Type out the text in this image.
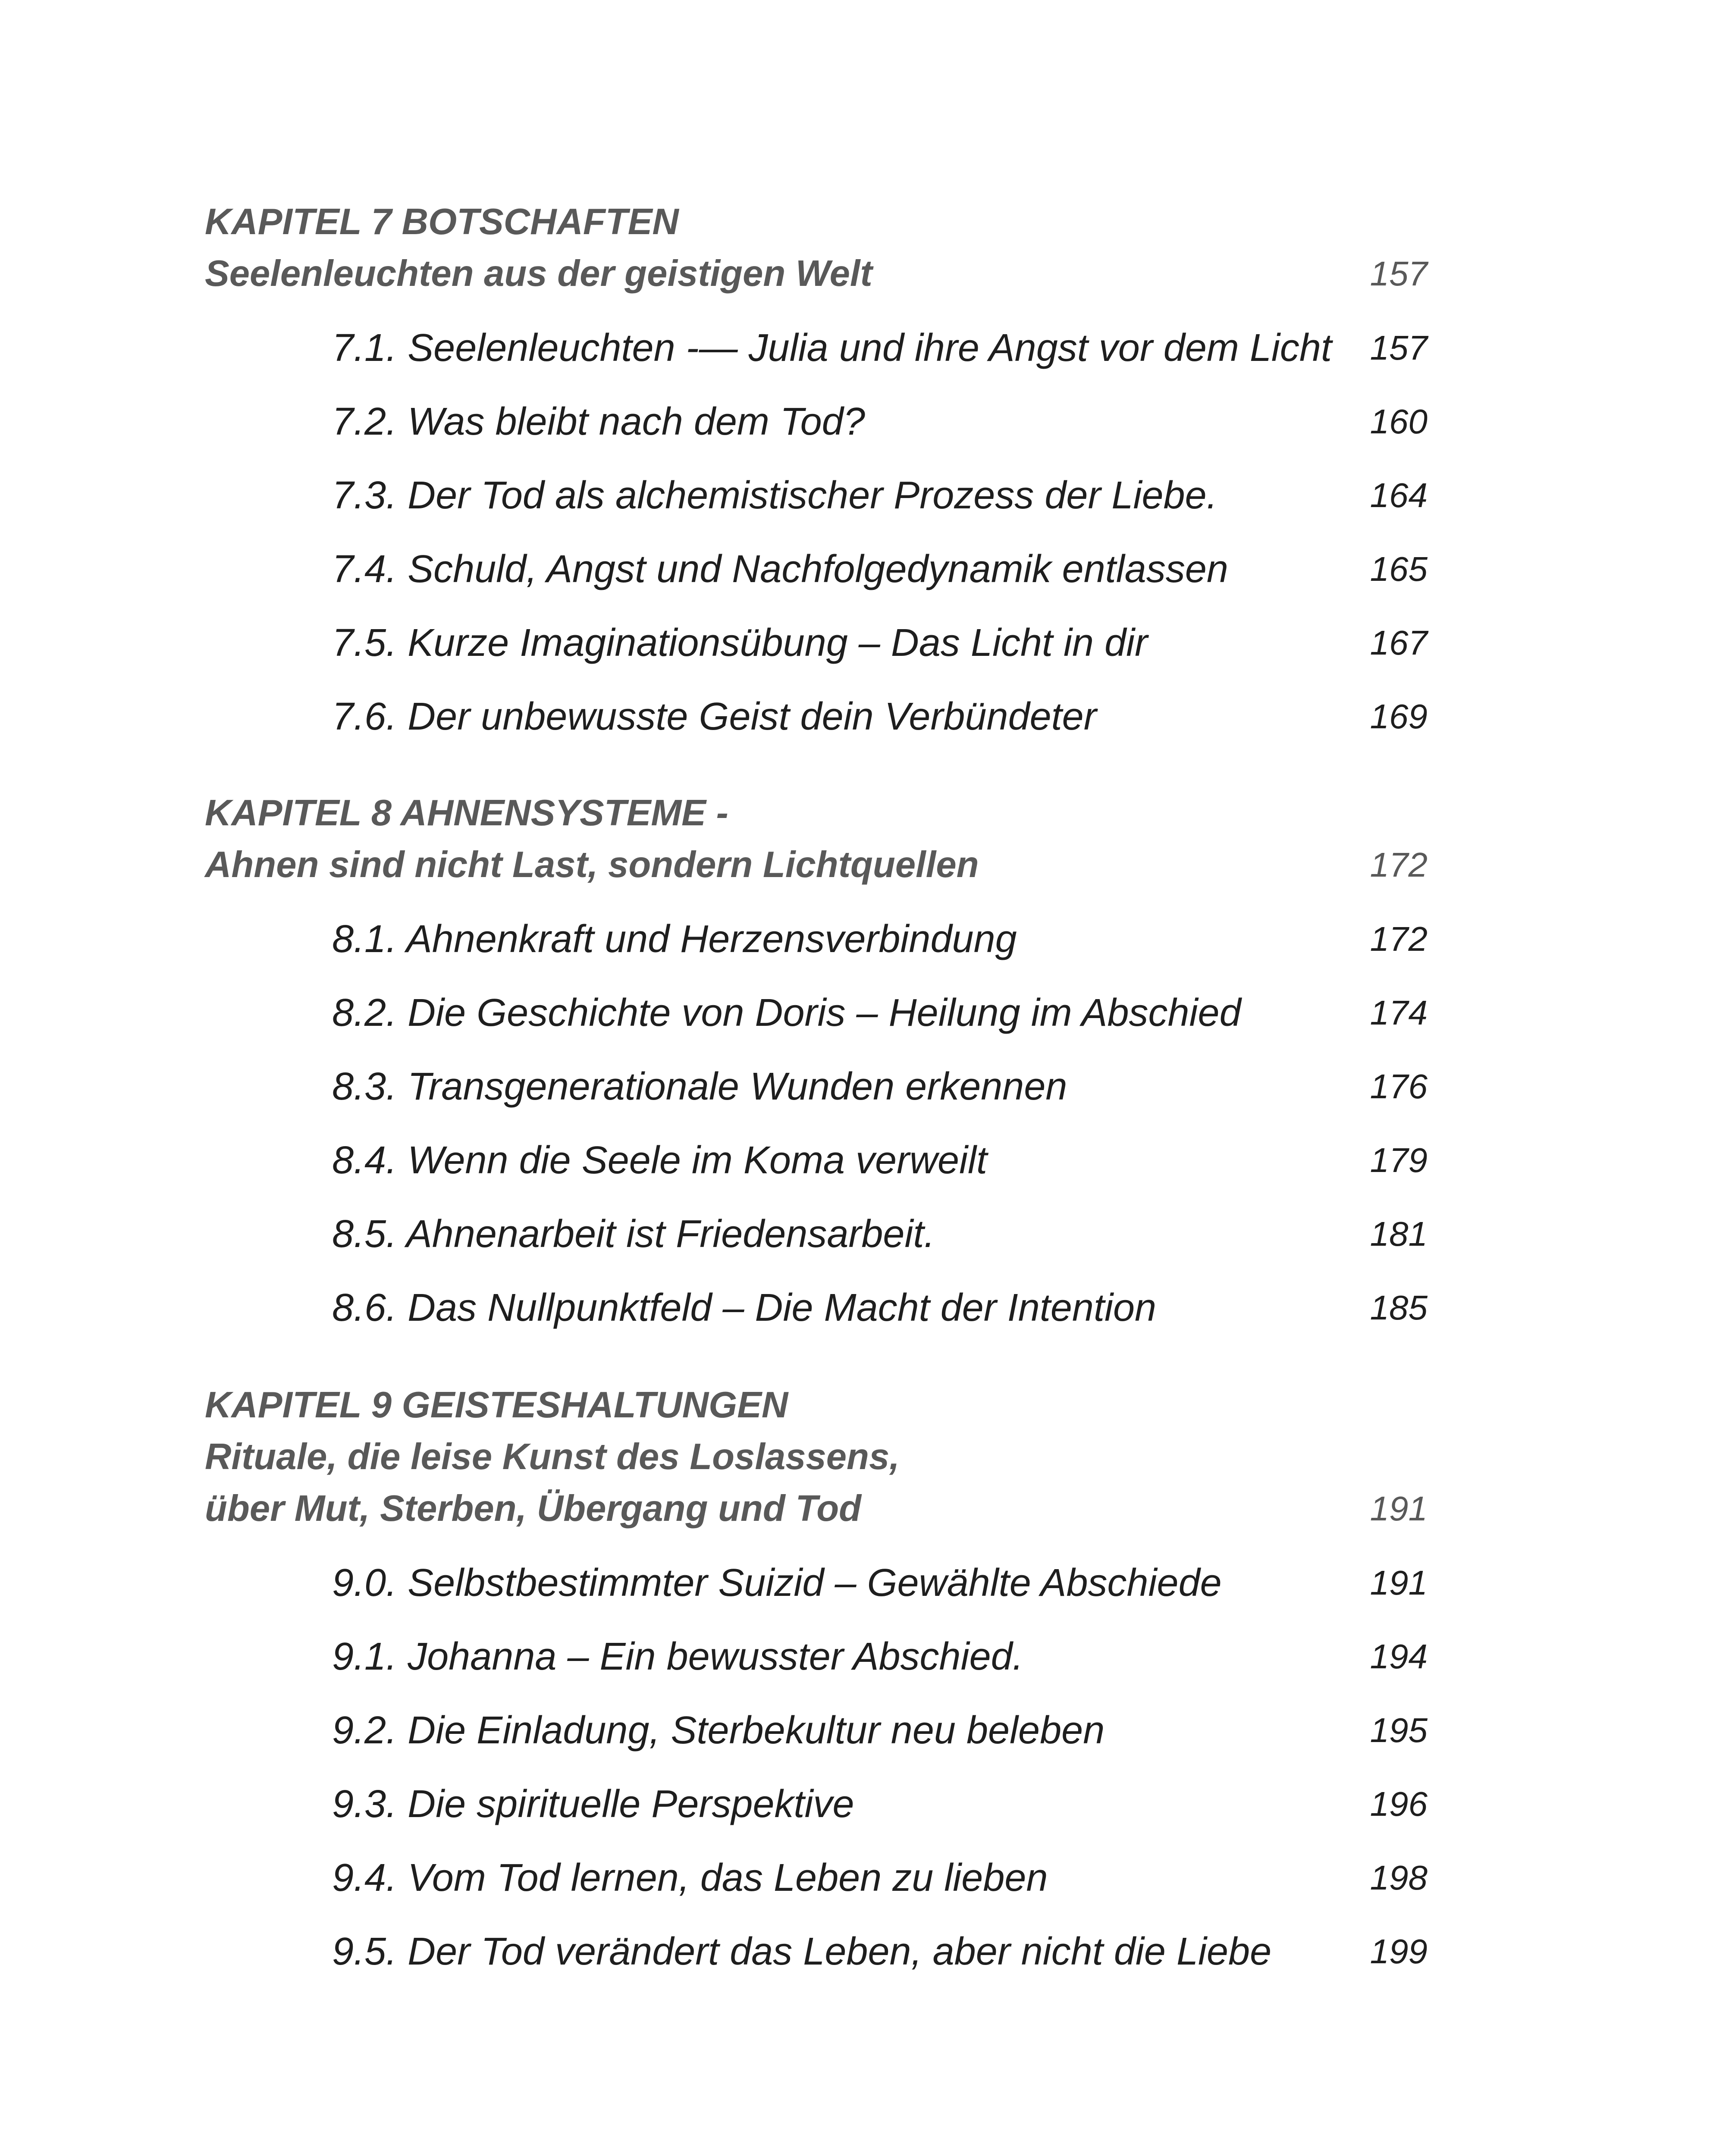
KAPITEL 7 BOTSCHAFTEN
Seelenleuchten aus der geistigen Welt	157
7.1. Seelenleuchten -— Julia und ihre Angst vor dem Licht 157
7.2. Was bleibt nach dem Tod?	160
7.3. Der Tod als alchemistischer Prozess der Liebe.	164
7.4. Schuld, Angst und Nachfolgedynamik entlassen	165
7.5. Kurze Imaginationsübung – Das Licht in dir	167
7.6. Der unbewusste Geist dein Verbündeter	169
KAPITEL 8 AHNENSYSTEME -
Ahnen sind nicht Last, sondern Lichtquellen	172
8.1. Ahnenkraft und Herzensverbindung	172
8.2. Die Geschichte von Doris – Heilung im Abschied	174
8.3. Transgenerationale Wunden erkennen	176
8.4. Wenn die Seele im Koma verweilt	179
8.5. Ahnenarbeit ist Friedensarbeit.	181
8.6. Das Nullpunktfeld – Die Macht der Intention	185
KAPITEL 9 GEISTESHALTUNGEN
Rituale, die leise Kunst des Loslassens,
über Mut, Sterben, Übergang und Tod	191
9.0. Selbstbestimmter Suizid – Gewählte Abschiede	191
9.1. Johanna – Ein bewusster Abschied.	194
9.2. Die Einladung, Sterbekultur neu beleben	195
9.3. Die spirituelle Perspektive	196
9.4. Vom Tod lernen, das Leben zu lieben	198
9.5. Der Tod verändert das Leben, aber nicht die Liebe	199
